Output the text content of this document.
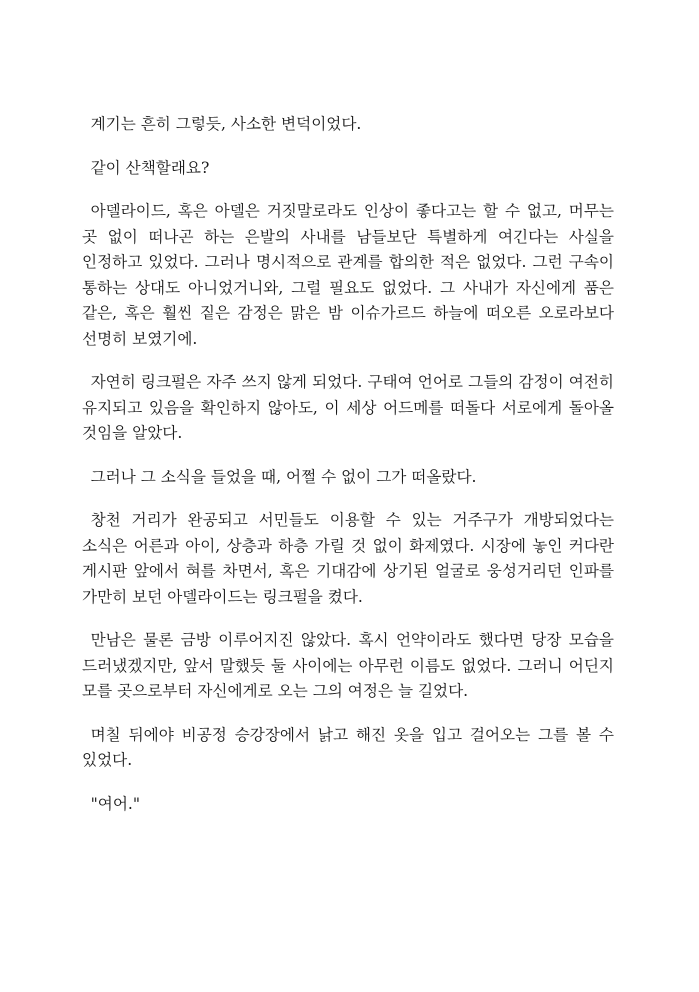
계기는 흔히 그렇듯, 사소한 변덕이었다.

같이 산책할래요?

아델라이드, 혹은 아델은 거짓말로라도 인상이 좋다고는 할 수 없고, 머무는 곳 없이 떠나곤 하는 은발의 사내를 남들보단 특별하게 여긴다는 사실을 인정하고 있었다. 그러나 명시적으로 관계를 합의한 적은 없었다. 그런 구속이 통하는 상대도 아니었거니와, 그럴 필요도 없었다. 그 사내가 자신에게 품은 같은, 혹은 훨씬 짙은 감정은 맑은 밤 이슈가르드 하늘에 떠오른 오로라보다 선명히 보였기에.

자연히 링크펄은 자주 쓰지 않게 되었다. 구태여 언어로 그들의 감정이 여전히 유지되고 있음을 확인하지 않아도, 이 세상 어드메를 떠돌다 서로에게 돌아올 것임을 알았다.

그러나 그 소식을 들었을 때, 어쩔 수 없이 그가 떠올랐다.

창천 거리가 완공되고 서민들도 이용할 수 있는 거주구가 개방되었다는 소식은 어른과 아이, 상층과 하층 가릴 것 없이 화제였다. 시장에 놓인 커다란 게시판 앞에서 혀를 차면서, 혹은 기대감에 상기된 얼굴로 웅성거리던 인파를 가만히 보던 아델라이드는 링크펄을 켰다.

만남은 물론 금방 이루어지진 않았다. 혹시 언약이라도 했다면 당장 모습을 드러냈겠지만, 앞서 말했듯 둘 사이에는 아무런 이름도 없었다. 그러니 어딘지 모를 곳으로부터 자신에게로 오는 그의 여정은 늘 길었다.

며칠 뒤에야 비공정 승강장에서 낡고 해진 옷을 입고 걸어오는 그를 볼 수 있었다.

"여어."
